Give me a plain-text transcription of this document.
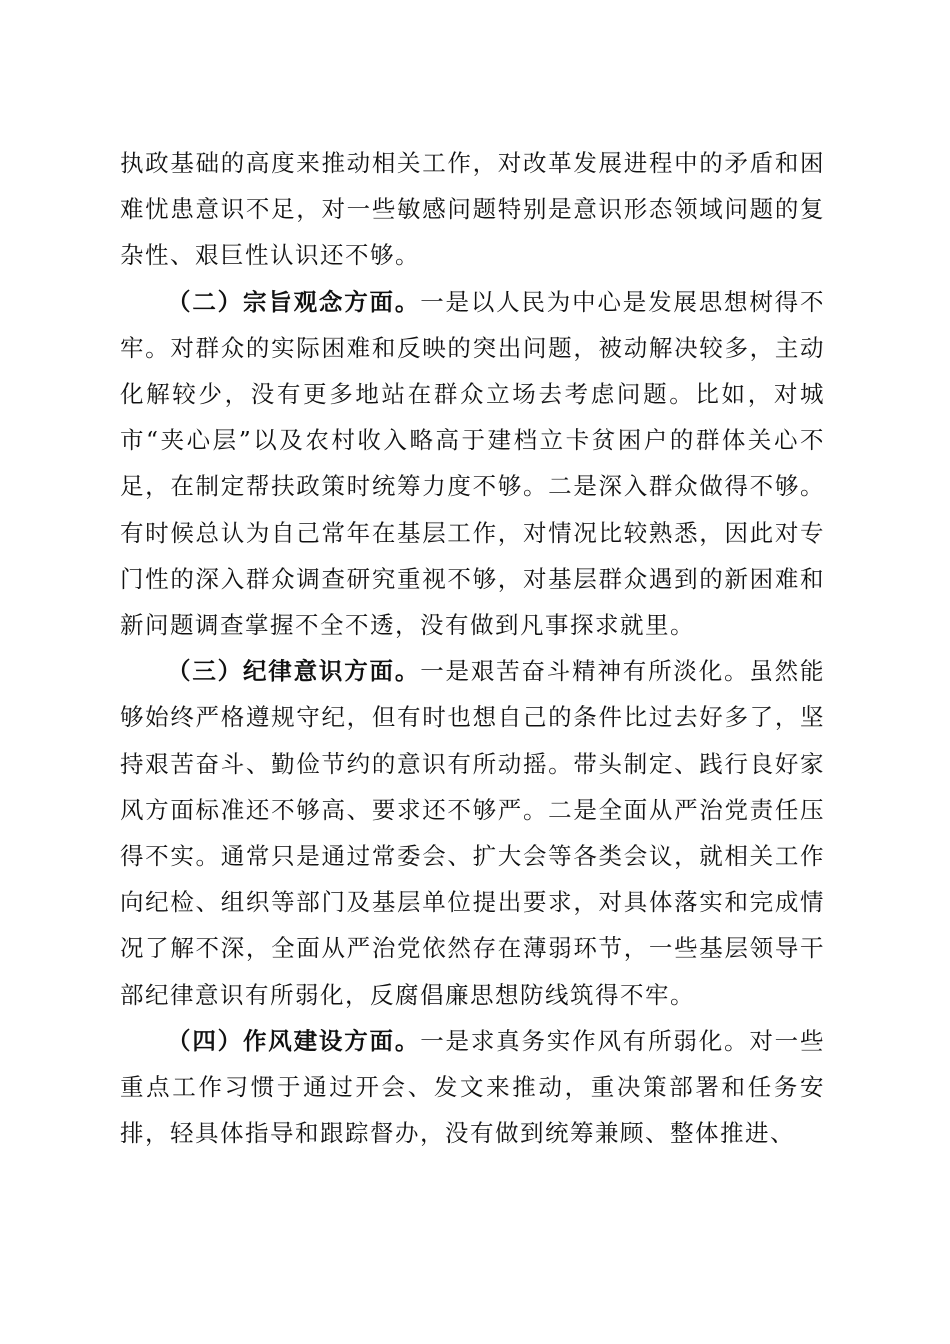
执政基础的高度来推动相关工作，对改革发展进程中的矛盾和困难忧患意识不足，对一些敏感问题特别是意识形态领域问题的复杂性、艰巨性认识还不够。

（二）宗旨观念方面。一是以人民为中心是发展思想树得不牢。对群众的实际困难和反映的突出问题，被动解决较多，主动化解较少，没有更多地站在群众立场去考虑问题。比如，对城市“夹心层”以及农村收入略高于建档立卡贫困户的群体关心不足，在制定帮扶政策时统筹力度不够。二是深入群众做得不够。有时候总认为自己常年在基层工作，对情况比较熟悉，因此对专门性的深入群众调查研究重视不够，对基层群众遇到的新困难和新问题调查掌握不全不透，没有做到凡事探求就里。

（三）纪律意识方面。一是艰苦奋斗精神有所淡化。虽然能够始终严格遵规守纪，但有时也想自己的条件比过去好多了，坚持艰苦奋斗、勤俭节约的意识有所动摇。带头制定、践行良好家风方面标准还不够高、要求还不够严。二是全面从严治党责任压得不实。通常只是通过常委会、扩大会等各类会议，就相关工作向纪检、组织等部门及基层单位提出要求，对具体落实和完成情况了解不深，全面从严治党依然存在薄弱环节，一些基层领导干部纪律意识有所弱化，反腐倡廉思想防线筑得不牢。

（四）作风建设方面。一是求真务实作风有所弱化。对一些重点工作习惯于通过开会、发文来推动，重决策部署和任务安排，轻具体指导和跟踪督办，没有做到统筹兼顾、整体推进、
